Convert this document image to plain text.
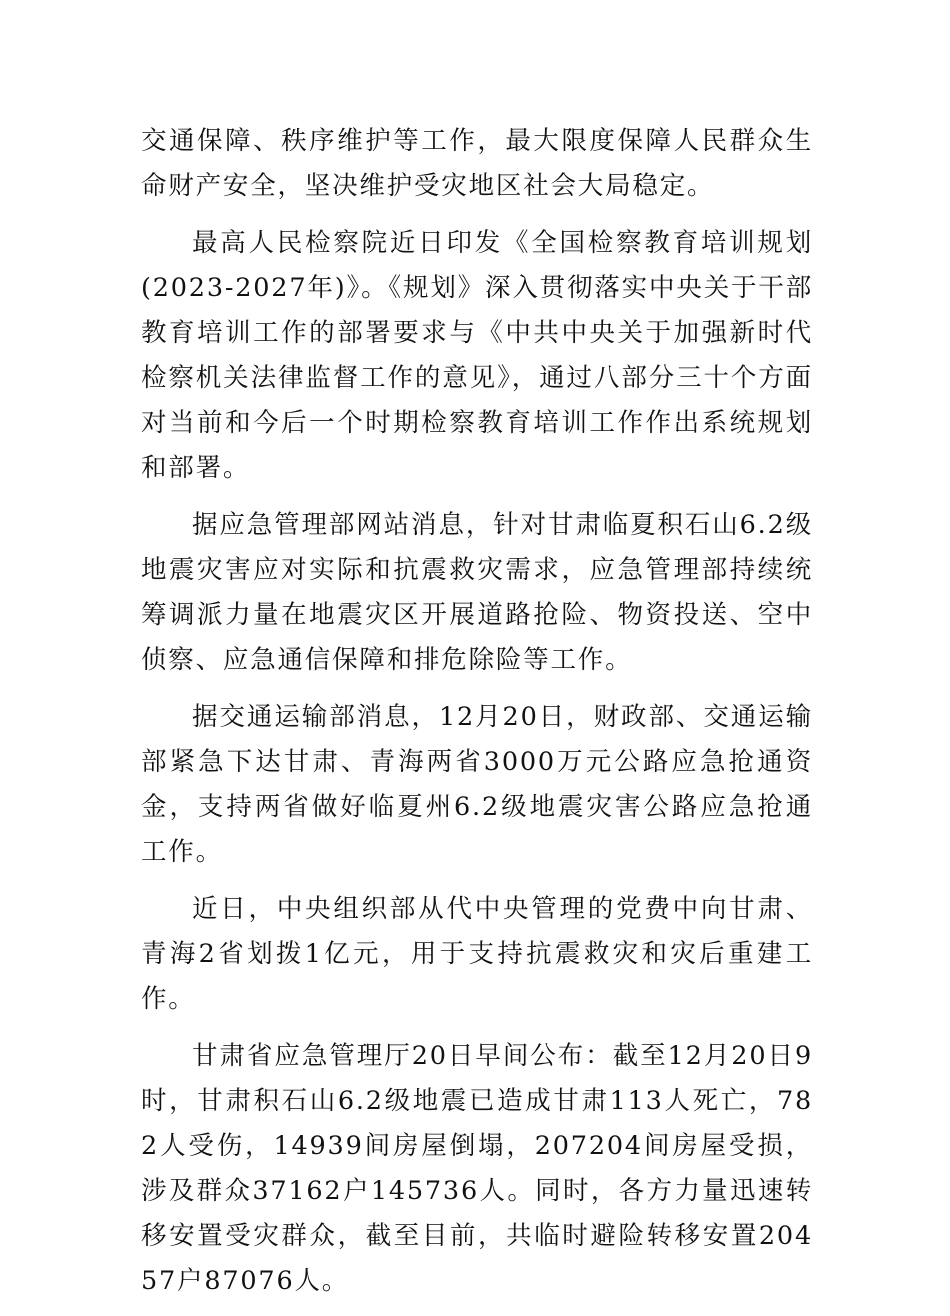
交通保障、秩序维护等工作，最大限度保障人民群众生命财产安全，坚决维护受灾地区社会大局稳定。

最高人民检察院近日印发《全国检察教育培训规划(2023-2027年)》。《规划》深入贯彻落实中央关于干部教育培训工作的部署要求与《中共中央关于加强新时代检察机关法律监督工作的意见》，通过八部分三十个方面对当前和今后一个时期检察教育培训工作作出系统规划和部署。

据应急管理部网站消息，针对甘肃临夏积石山6.2级地震灾害应对实际和抗震救灾需求，应急管理部持续统筹调派力量在地震灾区开展道路抢险、物资投送、空中侦察、应急通信保障和排危除险等工作。

据交通运输部消息，12月20日，财政部、交通运输部紧急下达甘肃、青海两省3000万元公路应急抢通资金，支持两省做好临夏州6.2级地震灾害公路应急抢通工作。

近日，中央组织部从代中央管理的党费中向甘肃、青海2省划拨1亿元，用于支持抗震救灾和灾后重建工作。

甘肃省应急管理厅20日早间公布：截至12月20日9时，甘肃积石山6.2级地震已造成甘肃113人死亡，782人受伤，14939间房屋倒塌，207204间房屋受损，涉及群众37162户145736人。同时，各方力量迅速转移安置受灾群众，截至目前，共临时避险转移安置20457户87076人。
